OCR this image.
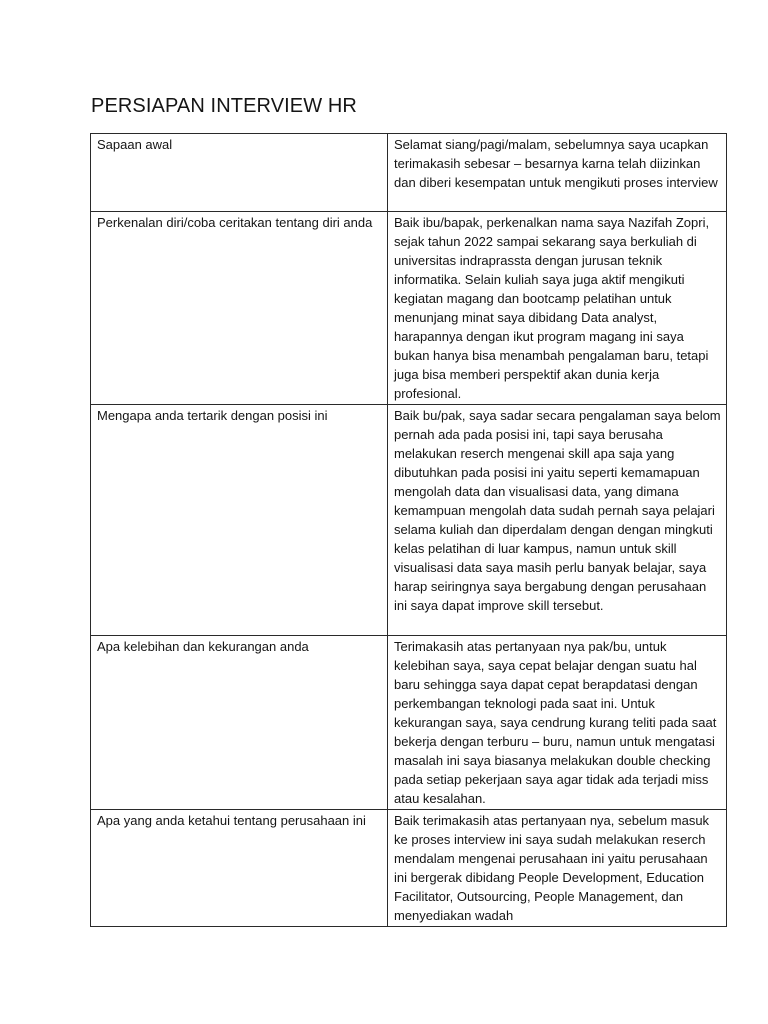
PERSIAPAN INTERVIEW HR
Sapaan awal	Selamat siang/pagi/malam, sebelumnya saya ucapkan terimakasih sebesar – besarnya karna telah diizinkan dan diberi kesempatan untuk mengikuti proses interview

Perkenalan diri/coba ceritakan tentang diri anda	Baik ibu/bapak, perkenalkan nama saya Nazifah Zopri, sejak tahun 2022 sampai sekarang saya berkuliah di universitas indraprassta dengan jurusan teknik informatika. Selain kuliah saya juga aktif mengikuti kegiatan magang dan bootcamp pelatihan untuk menunjang minat saya dibidang Data analyst, harapannya dengan ikut program magang ini saya bukan hanya bisa menambah pengalaman baru, tetapi juga bisa memberi perspektif akan dunia kerja profesional.

Mengapa anda tertarik dengan posisi ini	Baik bu/pak, saya sadar secara pengalaman saya belom pernah ada pada posisi ini, tapi saya berusaha melakukan reserch mengenai skill apa saja yang dibutuhkan pada posisi ini yaitu seperti kemamapuan mengolah data dan visualisasi data, yang dimana kemampuan mengolah data sudah pernah saya pelajari selama kuliah dan diperdalam dengan dengan mingkuti kelas pelatihan di luar kampus, namun untuk skill visualisasi data saya masih perlu banyak belajar, saya harap seiringnya saya bergabung dengan perusahaan ini saya dapat improve skill tersebut.

Apa kelebihan dan kekurangan anda	Terimakasih atas pertanyaan nya pak/bu, untuk kelebihan saya, saya cepat belajar dengan suatu hal baru sehingga saya dapat cepat berapdatasi dengan perkembangan teknologi pada saat ini. Untuk kekurangan saya, saya cendrung kurang teliti pada saat bekerja dengan terburu – buru, namun untuk mengatasi masalah ini saya biasanya melakukan double checking pada setiap pekerjaan saya agar tidak ada terjadi miss atau kesalahan.

Apa yang anda ketahui tentang perusahaan ini	Baik terimakasih atas pertanyaan nya, sebelum masuk ke proses interview ini saya sudah melakukan reserch mendalam mengenai perusahaan ini yaitu perusahaan ini bergerak dibidang People Development, Education Facilitator, Outsourcing, People Management, dan menyediakan wadah
